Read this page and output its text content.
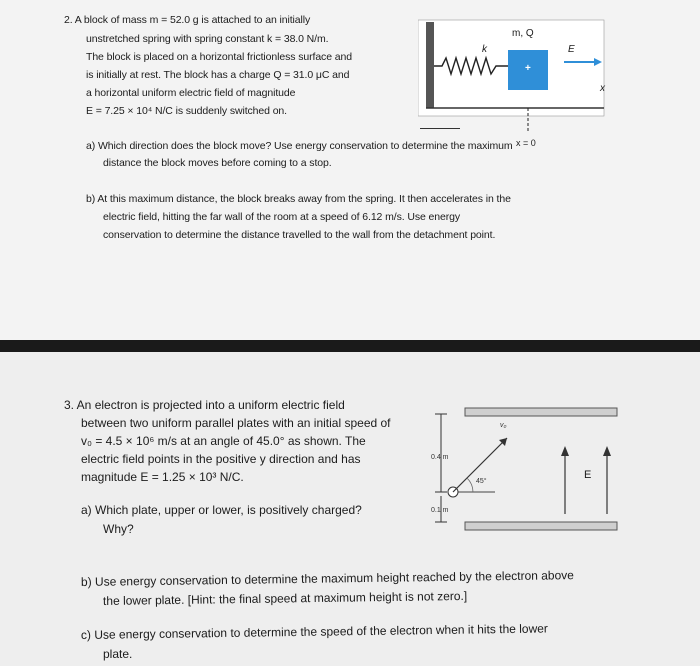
2. A block of mass m = 52.0 g is attached to an initially
unstretched spring with spring constant k = 38.0 N/m.
The block is placed on a horizontal frictionless surface and
is initially at rest. The block has a charge Q = 31.0 μC and
a horizontal uniform electric field of magnitude
E = 7.25 × 10⁴ N/C is suddenly switched on.
m, Q
k	E
+
x
x = 0
a) Which direction does the block move? Use energy conservation to determine the maximum
distance the block moves before coming to a stop.
b) At this maximum distance, the block breaks away from the spring. It then accelerates in the
electric field, hitting the far wall of the room at a speed of 6.12 m/s. Use energy
conservation to determine the distance travelled to the wall from the detachment point.
3. An electron is projected into a uniform electric field
between two uniform parallel plates with an initial speed of
v₀ = 4.5 × 10⁶ m/s at an angle of 45.0° as shown. The
electric field points in the positive y direction and has
magnitude E = 1.25 × 10³ N/C.
0.4 m
0.1 m
v₀
45°
E
a) Which plate, upper or lower, is positively charged?
Why?
b) Use energy conservation to determine the maximum height reached by the electron above
the lower plate. [Hint: the final speed at maximum height is not zero.]
c) Use energy conservation to determine the speed of the electron when it hits the lower
plate.
